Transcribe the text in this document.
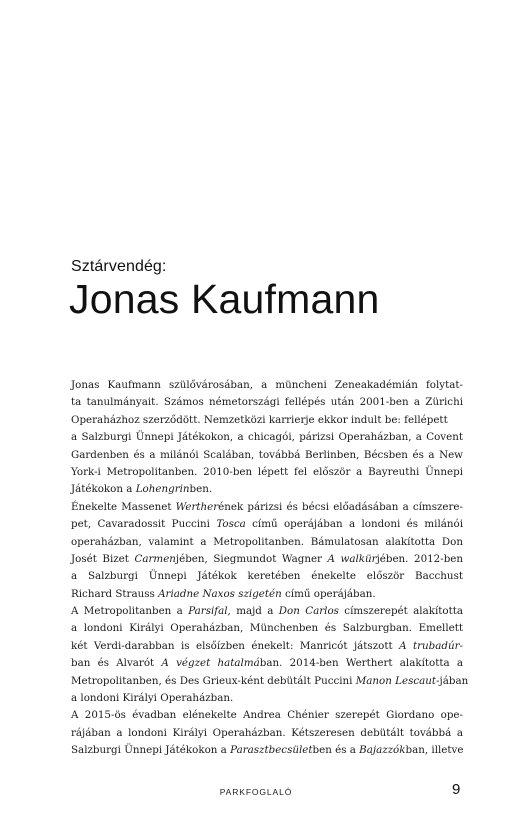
Sztárvendég:
Jonas Kaufmann
Jonas Kaufmann szülővárosában, a müncheni Zeneakadémián folytat-
ta tanulmányait. Számos németországi fellépés után 2001-ben a Zürichi
Operaházhoz szerződött. Nemzetközi karrierje ekkor indult be: fellépett
a Salzburgi Ünnepi Játékokon, a chicagói, párizsi Operaházban, a Covent
Gardenben és a milánói Scalában, továbbá Berlinben, Bécsben és a New
York-i Metropolitanben. 2010-ben lépett fel először a Bayreuthi Ünnepi
Játékokon a Lohengrinben.
Énekelte Massenet Wertherének párizsi és bécsi előadásában a címszere-
pet, Cavaradossit Puccini Tosca című operájában a londoni és milánói
operaházban, valamint a Metropolitanben. Bámulatosan alakította Don
Josét Bizet Carmenjében, Siegmundot Wagner A walkürjében. 2012-ben
a Salzburgi Ünnepi Játékok keretében énekelte először Bacchust
Richard Strauss Ariadne Naxos szigetén című operájában.
A Metropolitanben a Parsifal, majd a Don Carlos címszerepét alakította
a londoni Királyi Operaházban, Münchenben és Salzburgban. Emellett
két Verdi-darabban is elsőízben énekelt: Manricót játszott A trubadúr-
ban és Alvarót A végzet hatalmában. 2014-ben Werthert alakította a
Metropolitanben, és Des Grieux-ként debütált Puccini Manon Lescaut-jában
a londoni Királyi Operaházban.
A 2015-ös évadban elénekelte Andrea Chénier szerepét Giordano ope-
rájában a londoni Királyi Operaházban. Kétszeresen debütált továbbá a
Salzburgi Ünnepi Játékokon a Parasztbecsületben és a Bajazzókban, illetve
PARKFOGLALÓ	9
